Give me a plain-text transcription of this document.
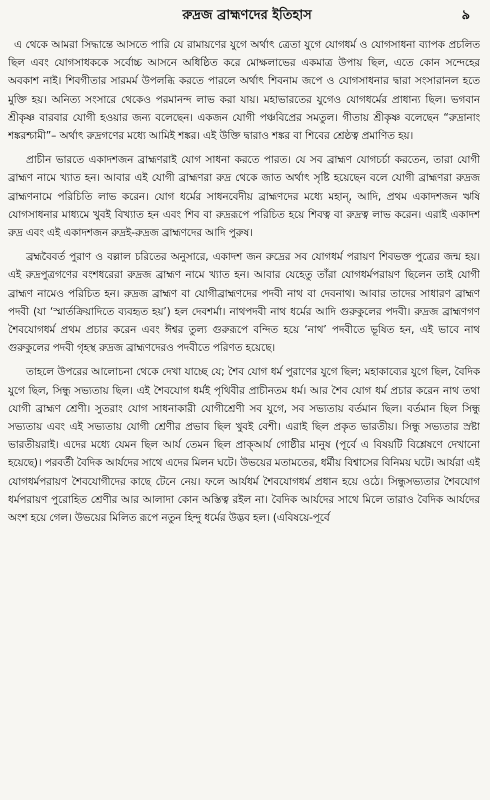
রুদ্রজ ব্রাহ্মণদের ইতিহাস	৯

এ থেকে আমরা সিদ্ধান্তে আসতে পারি যে রামায়ণের যুগে অর্থাৎ ত্রেতা যুগে যোগধর্ম ও যোগসাধনা ব্যাপক প্রচলিত ছিল এবং যোগসাধককে সর্বোচ্চ আসনে অধিষ্ঠিত করে মোক্ষলাভের একমাত্র উপায় ছিল, এতে কোন সন্দেহের অবকাশ নাই। শিবগীতার সারমর্ম উপলব্ধি করতে পারলে অর্থাৎ শিবনাম জপে ও যোগসাধনার দ্বারা সংসারানল হতে মুক্তি হয়। অনিত্য সংসারে থেকেও পরমানন্দ লাভ করা যায়। মহাভারতের যুগেও যোগধর্মের প্রাধান্য ছিল। ভগবান শ্রীকৃষ্ণ বারবার যোগী হওয়ার জন্য বলেছেন। একজন যোগী পঞ্চবিপ্রের সমতুল। গীতায় শ্রীকৃষ্ণ বলেছেন “রুদ্রানাং শঙ্করশ্চামী”– অর্থাৎ রুদ্রগণের মধ্যে আমিই শঙ্কর। এই উক্তি দ্বারাও শঙ্কর বা শিবের শ্রেষ্ঠত্ব প্রমাণিত হয়।

প্রাচীন ভারতে একাদশজন ব্রাহ্মণরাই যোগ সাধনা করতে পারত। যে সব ব্রাহ্মণ যোগচর্চা করতেন, তারা যোগী ব্রাহ্মণ নামে খ্যাত হন। আবার এই যোগী ব্রাহ্মণরা রুদ্র থেকে জাত অর্থাৎ সৃষ্টি হয়েছেন বলে যোগী ব্রাহ্মণরা রুদ্রজ ব্রাহ্মণনামে পরিচিতি লাভ করেন। যোগ ধর্মের সাধনবেদীয় ব্রাহ্মণদের মধ্যে মহান্‌, আদি, প্রথম একাদশজন ঋষি যোগসাধনার মাধ্যমে খুবই বিখ্যাত হন এবং শিব বা রুদ্ররূপে পরিচিত হয়ে শিবত্ব বা রুদ্রত্ব লাভ করেন। এরাই একাদশ রুদ্র এবং এই একাদশজন রুদ্রই-রুদ্রজ ব্রাহ্মণদের আদি পুরুষ।

ব্রহ্মবৈবর্ত পুরাণ ও বল্লাল চরিতের অনুসারে, একাদশ জন রুদ্রের সব যোগধর্ম পরায়ণ শিবভক্ত পুত্রের জন্ম হয়। এই রুদ্রপুত্রগণের বংশধরেরা রুদ্রজ ব্রাহ্মণ নামে খ্যাত হন। আবার যেহেতু তাঁরা যোগধর্মপরায়ণ ছিলেন তাই যোগী ব্রাহ্মণ নামেও পরিচিত হন। রুদ্রজ ব্রাহ্মণ বা যোগীব্রাহ্মণদের পদবী নাথ বা দেবনাথ। আবার তাদের সাধারণ ব্রাহ্মণ পদবী (যা ‘স্মার্তক্রিয়াদিতে ব্যবহৃত হয়’) হল দেবশর্মা। নাথপদবী নাথ ধর্মের আদি গুরুকুলের পদবী। রুদ্রজ ব্রাহ্মণগণ শৈবযোগধর্ম প্রথম প্রচার করেন এবং ঈশ্বর তুল্য গুরুরূপে বন্দিত হয়ে ‘নাথ’ পদবীতে ভূষিত হন, এই ভাবে নাথ গুরুকুলের পদবী গৃহস্থ রুদ্রজ ব্রাহ্মণদেরও পদবীতে পরিণত হয়েছে।

তাহলে উপরের আলোচনা থেকে দেখা যাচ্ছে যে; শৈব যোগ ধর্ম পুরাণের যুগে ছিল; মহাকাব্যের যুগে ছিল, বৈদিক যুগে ছিল, সিন্ধু সভ্যতায় ছিল। এই শৈবযোগ ধর্মই পৃথিবীর প্রাচীনতম ধর্ম। আর শৈব যোগ ধর্ম প্রচার করেন নাথ তথা যোগী ব্রাহ্মণ শ্রেণী। সুতরাং যোগ সাধনাকারী যোগীশ্রেণী সব যুগে, সব সভ্যতায় বর্তমান ছিল। বর্তমান ছিল সিন্ধু সভ্যতায় এবং এই সভ্যতায় যোগী শ্রেণীর প্রভাব ছিল খুবই বেশী। এরাই ছিল প্রকৃত ভারতীয়। সিন্ধু সভ্যতার স্রষ্টা ভারতীয়রাই। এদের মধ্যে যেমন ছিল আর্য তেমন ছিল প্রাক্‌আর্য গোষ্ঠীর মানুষ (পূর্বে এ বিষয়টি বিশ্লেষণে দেখানো হয়েছে)। পরবর্তী বৈদিক আর্যদের সাথে এদের মিলন ঘটে। উভয়ের মতামতের, ধর্মীয় বিশ্বাসের বিনিময় ঘটে। আর্যরা এই যোগধর্মপরায়ণ শৈবযোগীদের কাছে টেনে নেয়। ফলে আর্যধর্ম শৈবযোগধর্ম প্রধান হয়ে ওঠে। সিন্ধুসভ্যতার শৈবযোগ ধর্মপরায়ণ পুরোহিত শ্রেণীর আর আলাদা কোন অস্তিত্ব রইল না। বৈদিক আর্যদের সাথে মিলে তারাও বৈদিক আর্যদের অংশ হয়ে গেল। উভয়ের মিলিত রূপে নতুন হিন্দু ধর্মের উদ্ভব হল। (এবিষয়ে-পূর্বে
